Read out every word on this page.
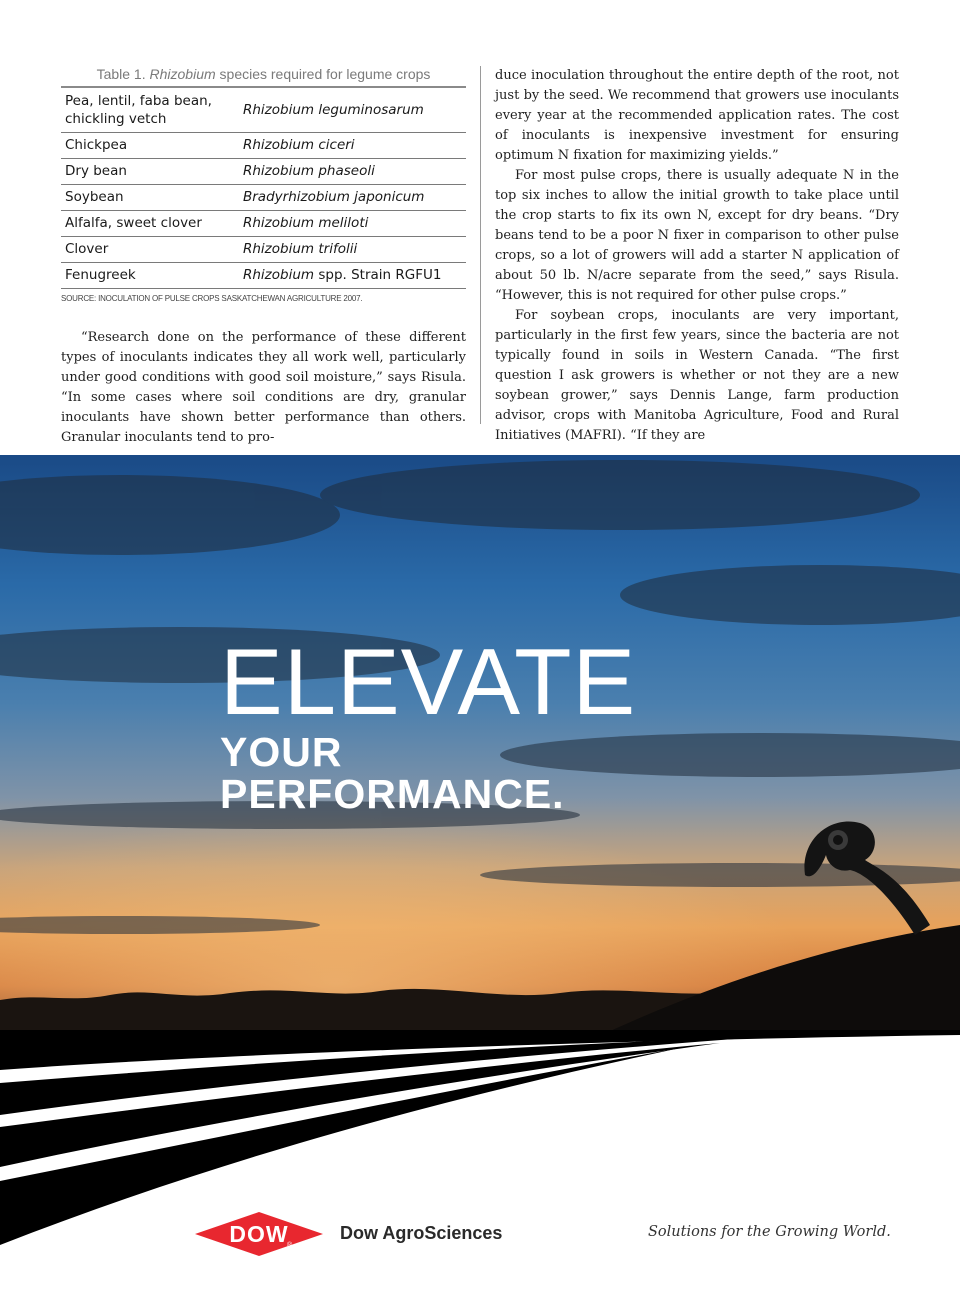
Table 1. Rhizobium species required for legume crops
Pea, lentil, faba bean, chickling vetch	Rhizobium leguminosarum
Chickpea	Rhizobium ciceri
Dry bean	Rhizobium phaseoli
Soybean	Bradyrhizobium japonicum
Alfalfa, sweet clover	Rhizobium meliloti
Clover	Rhizobium trifolii
Fenugreek	Rhizobium spp. Strain RGFU1
SOURCE: INOCULATION OF PULSE CROPS SASKATCHEWAN AGRICULTURE 2007.

“Research done on the performance of these different types of inoculants indicates they all work well, particularly under good conditions with good soil moisture,” says Risula. “In some cases where soil conditions are dry, granular inoculants have shown better performance than others. Granular inoculants tend to pro-

duce inoculation throughout the entire depth of the root, not just by the seed. We recommend that growers use inoculants every year at the recommended application rates. The cost of inoculants is inexpensive investment for ensuring optimum N fixation for maximizing yields.”

For most pulse crops, there is usually adequate N in the top six inches to allow the initial growth to take place until the crop starts to fix its own N, except for dry beans. “Dry beans tend to be a poor N fixer in comparison to other pulse crops, so a lot of growers will add a starter N application of about 50 lb. N/acre separate from the seed,” says Risula. “However, this is not required for other pulse crops.”

For soybean crops, inoculants are very important, particularly in the first few years, since the bacteria are not typically found in soils in Western Canada. “The first question I ask growers is whether or not they are a new soybean grower,” says Dennis Lange, farm production advisor, crops with Manitoba Agriculture, Food and Rural Initiatives (MAFRI). “If they are

ELEVATE
YOUR
PERFORMANCE.
DOW
®
Dow AgroSciences	Solutions for the Growing World.
